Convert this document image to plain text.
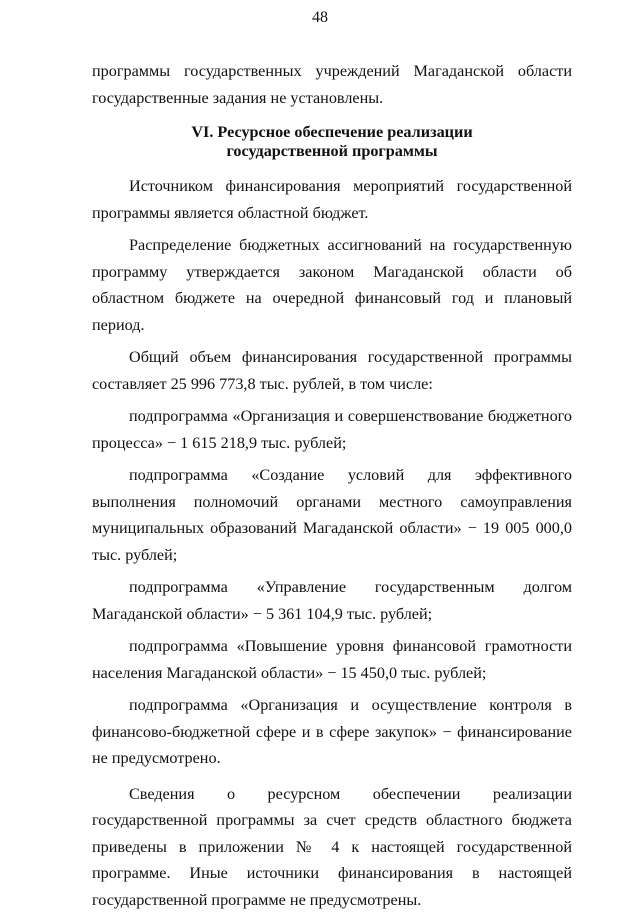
48

программы государственных учреждений Магаданской области государственные задания не установлены.

VI. Ресурсное обеспечение реализации
государственной программы

Источником финансирования мероприятий государственной программы является областной бюджет.

Распределение бюджетных ассигнований на государственную программу утверждается законом Магаданской области об областном бюджете на очередной финансовый год и плановый период.

Общий объем финансирования государственной программы составляет 25 996 773,8 тыс. рублей, в том числе:

подпрограмма «Организация и совершенствование бюджетного процесса» − 1 615 218,9 тыс. рублей;

подпрограмма «Создание условий для эффективного выполнения полномочий органами местного самоуправления муниципальных образований Магаданской области» − 19 005 000,0 тыс. рублей;

подпрограмма «Управление государственным долгом Магаданской области» − 5 361 104,9 тыс. рублей;

подпрограмма «Повышение уровня финансовой грамотности населения Магаданской области» − 15 450,0 тыс. рублей;

подпрограмма «Организация и осуществление контроля в финансово-бюджетной сфере и в сфере закупок» − финансирование не предусмотрено.

Сведения о ресурсном обеспечении реализации государственной программы за счет средств областного бюджета приведены в приложении № 4 к настоящей государственной программе. Иные источники финансирования в настоящей государственной программе не предусмотрены.
